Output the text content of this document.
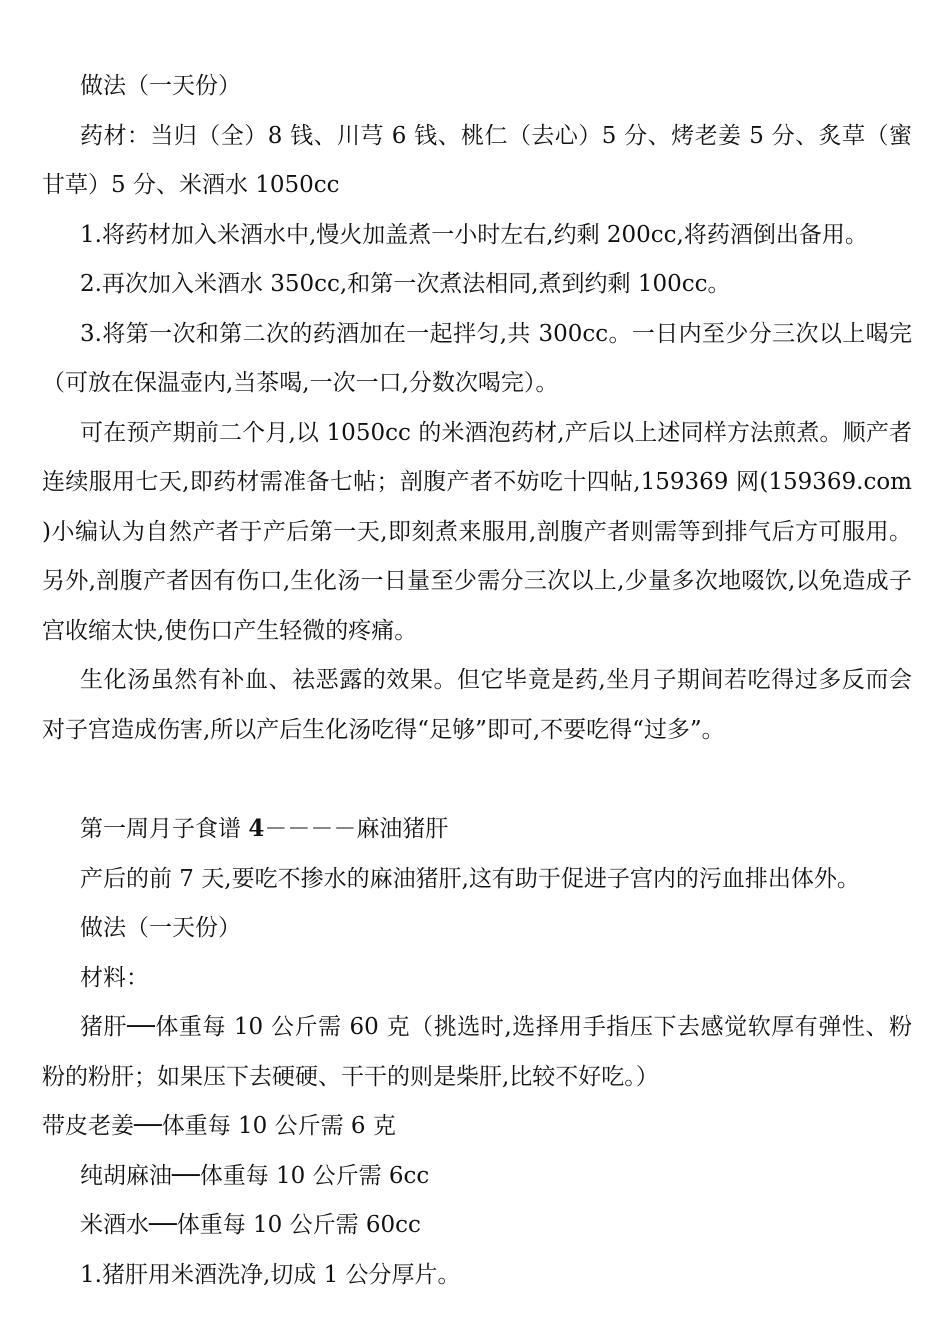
做法（一天份）

药材：当归（全）8 钱、川芎 6 钱、桃仁（去心）5 分、烤老姜 5 分、炙草（蜜甘草）5 分、米酒水 1050cc

1.将药材加入米酒水中,慢火加盖煮一小时左右,约剩 200cc,将药酒倒出备用。

2.再次加入米酒水 350cc,和第一次煮法相同,煮到约剩 100cc。

3.将第一次和第二次的药酒加在一起拌匀,共 300cc。一日内至少分三次以上喝完（可放在保温壶内,当茶喝,一次一口,分数次喝完）。

可在预产期前二个月,以 1050cc 的米酒泡药材,产后以上述同样方法煎煮。顺产者连续服用七天,即药材需准备七帖；剖腹产者不妨吃十四帖,159369 网(159369.com )小编认为自然产者于产后第一天,即刻煮来服用,剖腹产者则需等到排气后方可服用。另外,剖腹产者因有伤口,生化汤一日量至少需分三次以上,少量多次地啜饮,以免造成子宫收缩太快,使伤口产生轻微的疼痛。

生化汤虽然有补血、祛恶露的效果。但它毕竟是药,坐月子期间若吃得过多反而会对子宫造成伤害,所以产后生化汤吃得“足够”即可,不要吃得“过多”。

第一周月子食谱 4－－－－麻油猪肝

产后的前 7 天,要吃不掺水的麻油猪肝,这有助于促进子宫内的污血排出体外。

做法（一天份）

材料：

猪肝──体重每 10 公斤需 60 克（挑选时,选择用手指压下去感觉软厚有弹性、粉粉的粉肝；如果压下去硬硬、干干的则是柴肝,比较不好吃。）

带皮老姜──体重每 10 公斤需 6 克

纯胡麻油──体重每 10 公斤需 6cc

米酒水──体重每 10 公斤需 60cc

1.猪肝用米酒洗净,切成 1 公分厚片。
